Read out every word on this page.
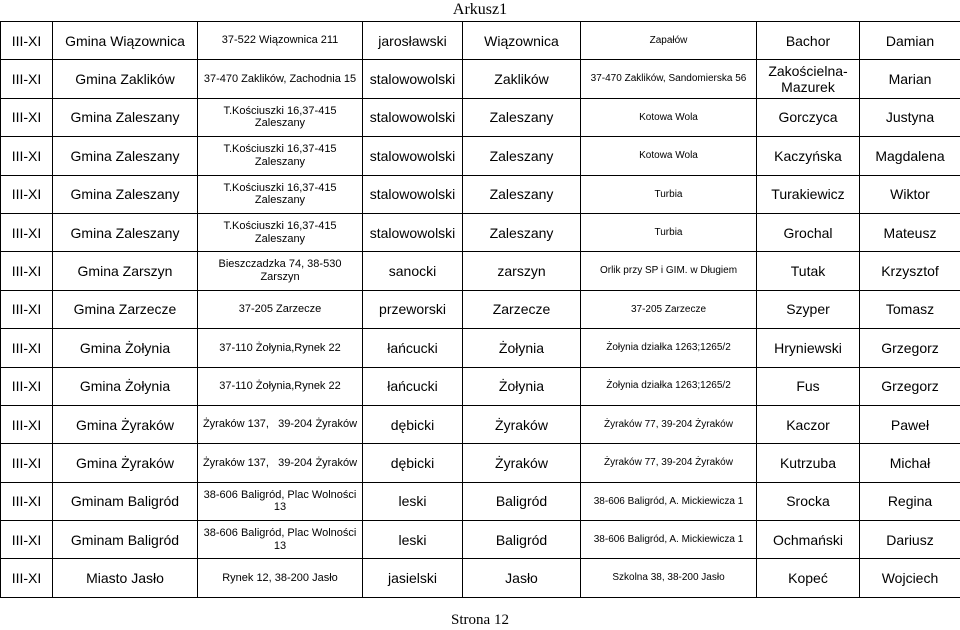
Arkusz1
III-XI	Gmina Wiązownica	37-522 Wiązownica 211	jarosławski	Wiązownica	Zapałów	Bachor	Damian
III-XI	Gmina Zaklików	37-470 Zaklików, Zachodnia 15	stalowowolski	Zaklików	37-470 Zaklików, Sandomierska 56	Zakościelna-Mazurek	Marian
III-XI	Gmina Zaleszany	T.Kościuszki 16,37-415 Zaleszany	stalowowolski	Zaleszany	Kotowa Wola	Gorczyca	Justyna
III-XI	Gmina Zaleszany	T.Kościuszki 16,37-415 Zaleszany	stalowowolski	Zaleszany	Kotowa Wola	Kaczyńska	Magdalena
III-XI	Gmina Zaleszany	T.Kościuszki 16,37-415 Zaleszany	stalowowolski	Zaleszany	Turbia	Turakiewicz	Wiktor
III-XI	Gmina Zaleszany	T.Kościuszki 16,37-415 Zaleszany	stalowowolski	Zaleszany	Turbia	Grochal	Mateusz
III-XI	Gmina Zarszyn	Bieszczadzka 74, 38-530 Zarszyn	sanocki	zarszyn	Orlik przy SP i GIM. w Długiem	Tutak	Krzysztof
III-XI	Gmina Zarzecze	37-205 Zarzecze	przeworski	Zarzecze	37-205 Zarzecze	Szyper	Tomasz
III-XI	Gmina Żołynia	37-110 Żołynia,Rynek 22	łańcucki	Żołynia	Żołynia działka 1263;1265/2	Hryniewski	Grzegorz
III-XI	Gmina Żołynia	37-110 Żołynia,Rynek 22	łańcucki	Żołynia	Żołynia działka 1263;1265/2	Fus	Grzegorz
III-XI	Gmina Żyraków	Żyraków 137,   39-204 Żyraków	dębicki	Żyraków	Żyraków 77, 39-204 Żyraków	Kaczor	Paweł
III-XI	Gmina Żyraków	Żyraków 137,   39-204 Żyraków	dębicki	Żyraków	Żyraków 77, 39-204 Żyraków	Kutrzuba	Michał
III-XI	Gminam Baligród	38-606 Baligród, Plac Wolności 13	leski	Baligród	38-606 Baligród, A. Mickiewicza 1	Srocka	Regina
III-XI	Gminam Baligród	38-606 Baligród, Plac Wolności 13	leski	Baligród	38-606 Baligród, A. Mickiewicza 1	Ochmański	Dariusz
III-XI	Miasto Jasło	Rynek 12, 38-200 Jasło	jasielski	Jasło	Szkolna 38, 38-200 Jasło	Kopeć	Wojciech
Strona 12
